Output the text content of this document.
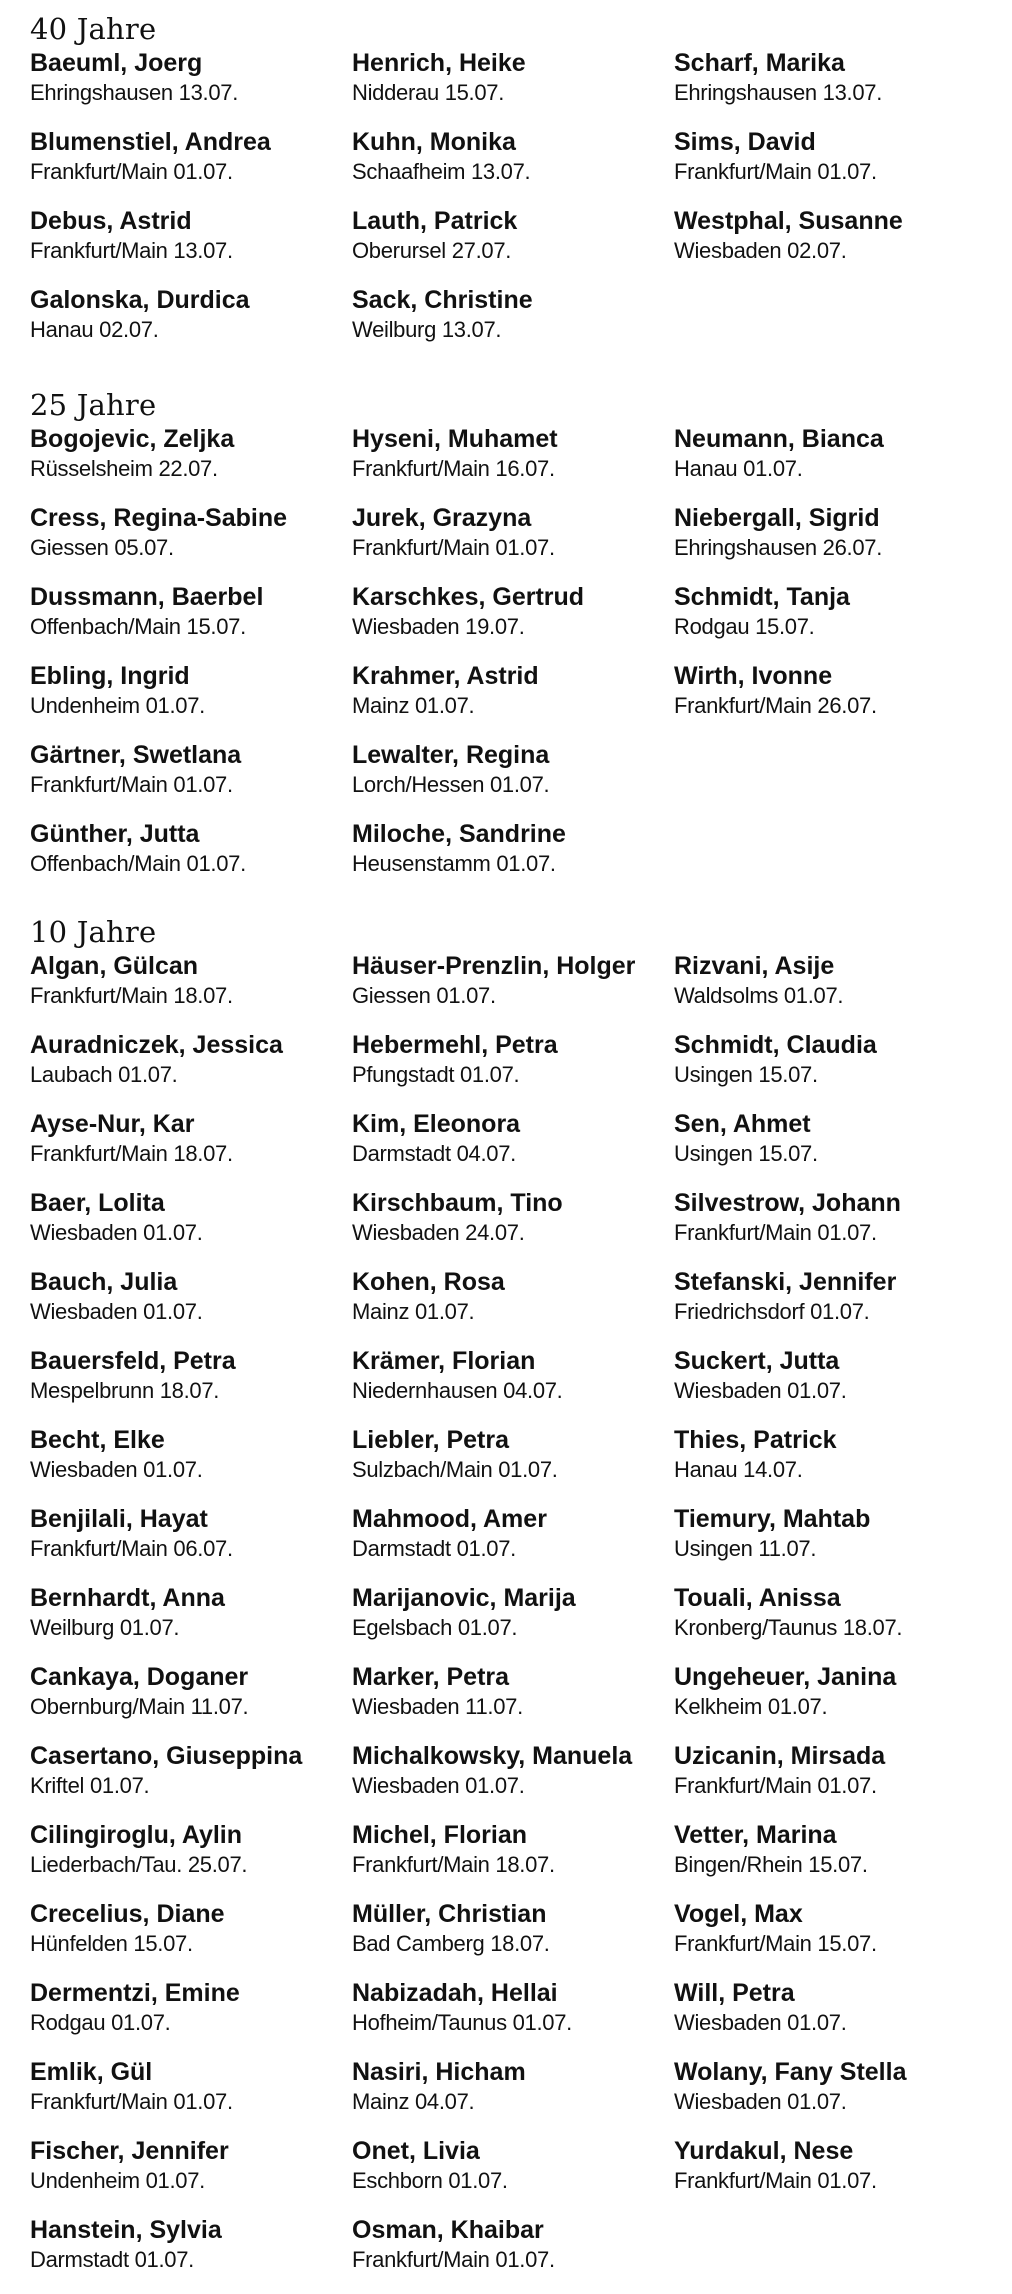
40 Jahre
Baeuml, Joerg
Ehringshausen 13.07.
Blumenstiel, Andrea
Frankfurt/Main 01.07.
Debus, Astrid
Frankfurt/Main 13.07.
Galonska, Durdica
Hanau 02.07.
Henrich, Heike
Nidderau 15.07.
Kuhn, Monika
Schaafheim 13.07.
Lauth, Patrick
Oberursel 27.07.
Sack, Christine
Weilburg 13.07.
Scharf, Marika
Ehringshausen 13.07.
Sims, David
Frankfurt/Main 01.07.
Westphal, Susanne
Wiesbaden 02.07.
25 Jahre
Bogojevic, Zeljka
Rüsselsheim 22.07.
Cress, Regina-Sabine
Giessen 05.07.
Dussmann, Baerbel
Offenbach/Main 15.07.
Ebling, Ingrid
Undenheim 01.07.
Gärtner, Swetlana
Frankfurt/Main 01.07.
Günther, Jutta
Offenbach/Main 01.07.
Hyseni, Muhamet
Frankfurt/Main 16.07.
Jurek, Grazyna
Frankfurt/Main 01.07.
Karschkes, Gertrud
Wiesbaden 19.07.
Krahmer, Astrid
Mainz 01.07.
Lewalter, Regina
Lorch/Hessen 01.07.
Miloche, Sandrine
Heusenstamm 01.07.
Neumann, Bianca
Hanau 01.07.
Niebergall, Sigrid
Ehringshausen 26.07.
Schmidt, Tanja
Rodgau 15.07.
Wirth, Ivonne
Frankfurt/Main 26.07.
10 Jahre
Algan, Gülcan
Frankfurt/Main 18.07.
Auradniczek, Jessica
Laubach 01.07.
Ayse-Nur, Kar
Frankfurt/Main 18.07.
Baer, Lolita
Wiesbaden 01.07.
Bauch, Julia
Wiesbaden 01.07.
Bauersfeld, Petra
Mespelbrunn 18.07.
Becht, Elke
Wiesbaden 01.07.
Benjilali, Hayat
Frankfurt/Main 06.07.
Bernhardt, Anna
Weilburg 01.07.
Cankaya, Doganer
Obernburg/Main 11.07.
Casertano, Giuseppina
Kriftel 01.07.
Cilingiroglu, Aylin
Liederbach/Tau. 25.07.
Crecelius, Diane
Hünfelden 15.07.
Dermentzi, Emine
Rodgau 01.07.
Emlik, Gül
Frankfurt/Main 01.07.
Fischer, Jennifer
Undenheim 01.07.
Hanstein, Sylvia
Darmstadt 01.07.
Häuser-Prenzlin, Holger
Giessen 01.07.
Hebermehl, Petra
Pfungstadt 01.07.
Kim, Eleonora
Darmstadt 04.07.
Kirschbaum, Tino
Wiesbaden 24.07.
Kohen, Rosa
Mainz 01.07.
Krämer, Florian
Niedernhausen 04.07.
Liebler, Petra
Sulzbach/Main 01.07.
Mahmood, Amer
Darmstadt 01.07.
Marijanovic, Marija
Egelsbach 01.07.
Marker, Petra
Wiesbaden 11.07.
Michalkowsky, Manuela
Wiesbaden 01.07.
Michel, Florian
Frankfurt/Main 18.07.
Müller, Christian
Bad Camberg 18.07.
Nabizadah, Hellai
Hofheim/Taunus 01.07.
Nasiri, Hicham
Mainz 04.07.
Onet, Livia
Eschborn 01.07.
Osman, Khaibar
Frankfurt/Main 01.07.
Rizvani, Asije
Waldsolms 01.07.
Schmidt, Claudia
Usingen 15.07.
Sen, Ahmet
Usingen 15.07.
Silvestrow, Johann
Frankfurt/Main 01.07.
Stefanski, Jennifer
Friedrichsdorf 01.07.
Suckert, Jutta
Wiesbaden 01.07.
Thies, Patrick
Hanau 14.07.
Tiemury, Mahtab
Usingen 11.07.
Touali, Anissa
Kronberg/Taunus 18.07.
Ungeheuer, Janina
Kelkheim 01.07.
Uzicanin, Mirsada
Frankfurt/Main 01.07.
Vetter, Marina
Bingen/Rhein 15.07.
Vogel, Max
Frankfurt/Main 15.07.
Will, Petra
Wiesbaden 01.07.
Wolany, Fany Stella
Wiesbaden 01.07.
Yurdakul, Nese
Frankfurt/Main 01.07.
